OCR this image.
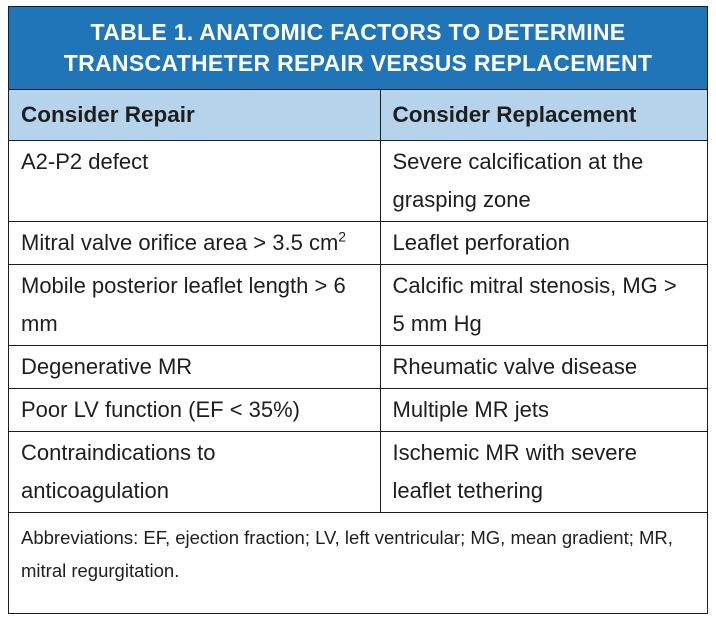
TABLE 1. ANATOMIC FACTORS TO DETERMINE
TRANSCATHETER REPAIR VERSUS REPLACEMENT
Consider Repair	Consider Replacement
A2-P2 defect	Severe calcification at the grasping zone
Mitral valve orifice area > 3.5 $cm^2$	Leaflet perforation
Mobile posterior leaflet length > 6 mm	Calcific mitral stenosis, MG > 5 mm Hg
Degenerative MR	Rheumatic valve disease
Poor LV function (EF < 35%)	Multiple MR jets
Contraindications to anticoagulation	Ischemic MR with severe leaflet tethering
Abbreviations: EF, ejection fraction; LV, left ventricular; MG, mean gradient; MR, mitral regurgitation.
